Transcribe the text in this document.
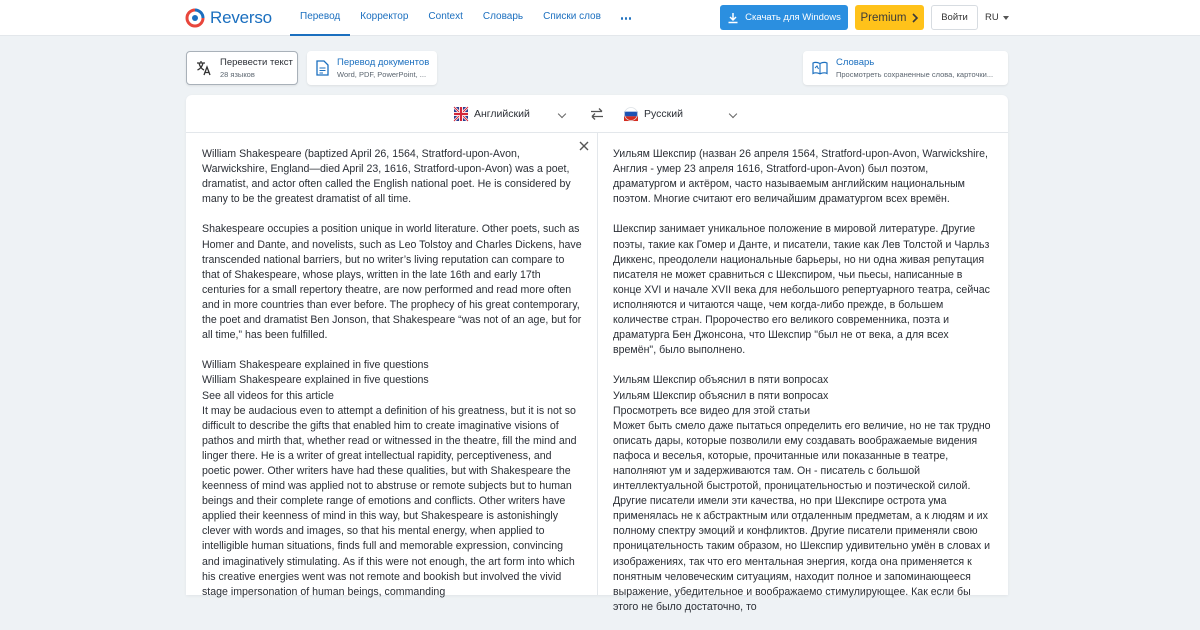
Reverso	Перевод	Корректор	Context	Словарь	Списки слов	Скачать для Windows Premium	Войти	RU
Перевести текст
28 языков
Перевод документов
Word, PDF, PowerPoint, ...
Словарь
Просмотреть сохраненные слова, карточки...
Английский	Русский
William Shakespeare (baptized April 26, 1564, Stratford-upon-Avon, Warwickshire, England—died April 23, 1616, Stratford-upon-Avon) was a poet, dramatist, and actor often called the English national poet. He is considered by many to be the greatest dramatist of all time.
Shakespeare occupies a position unique in world literature. Other poets, such as Homer and Dante, and novelists, such as Leo Tolstoy and Charles Dickens, have transcended national barriers, but no writer’s living reputation can compare to that of Shakespeare, whose plays, written in the late 16th and early 17th centuries for a small repertory theatre, are now performed and read more often and in more countries than ever before. The prophecy of his great contemporary, the poet and dramatist Ben Jonson, that Shakespeare “was not of an age, but for all time,” has been fulfilled.
William Shakespeare explained in five questions
William Shakespeare explained in five questions
See all videos for this article
It may be audacious even to attempt a definition of his greatness, but it is not so difficult to describe the gifts that enabled him to create imaginative visions of pathos and mirth that, whether read or witnessed in the theatre, fill the mind and linger there. He is a writer of great intellectual rapidity, perceptiveness, and poetic power. Other writers have had these qualities, but with Shakespeare the keenness of mind was applied not to abstruse or remote subjects but to human beings and their complete range of emotions and conflicts. Other writers have applied their keenness of mind in this way, but Shakespeare is astonishingly clever with words and images, so that his mental energy, when applied to intelligible human situations, finds full and memorable expression, convincing and imaginatively stimulating. As if this were not enough, the art form into which his creative energies went was not remote and bookish but involved the vivid stage impersonation of human beings, commanding
Уильям Шекспир (назван 26 апреля 1564, Stratford-upon-Avon, Warwickshire, Англия - умер 23 апреля 1616, Stratford-upon-Avon) был поэтом, драматургом и актёром, часто называемым английским национальным поэтом. Многие считают его величайшим драматургом всех времён.
Шекспир занимает уникальное положение в мировой литературе. Другие поэты, такие как Гомер и Данте, и писатели, такие как Лев Толстой и Чарльз Диккенс, преодолели национальные барьеры, но ни одна живая репутация писателя не может сравниться с Шекспиром, чьи пьесы, написанные в конце XVI и начале XVII века для небольшого репертуарного театра, сейчас исполняются и читаются чаще, чем когда-либо прежде, в большем количестве стран. Пророчество его великого современника, поэта и драматурга Бен Джонсона, что Шекспир "был не от века, а для всех времён", было выполнено.
Уильям Шекспир объяснил в пяти вопросах
Уильям Шекспир объяснил в пяти вопросах
Просмотреть все видео для этой статьи
Может быть смело даже пытаться определить его величие, но не так трудно описать дары, которые позволили ему создавать воображаемые видения пафоса и веселья, которые, прочитанные или показанные в театре, наполняют ум и задерживаются там. Он - писатель с большой интеллектуальной быстротой, проницательностью и поэтической силой. Другие писатели имели эти качества, но при Шекспире острота ума применялась не к абстрактным или отдаленным предметам, а к людям и их полному спектру эмоций и конфликтов. Другие писатели применяли свою проницательность таким образом, но Шекспир удивительно умён в словах и изображениях, так что его ментальная энергия, когда она применяется к понятным человеческим ситуациям, находит полное и запоминающееся выражение, убедительное и воображаемо стимулирующее. Как если бы этого не было достаточно, то
